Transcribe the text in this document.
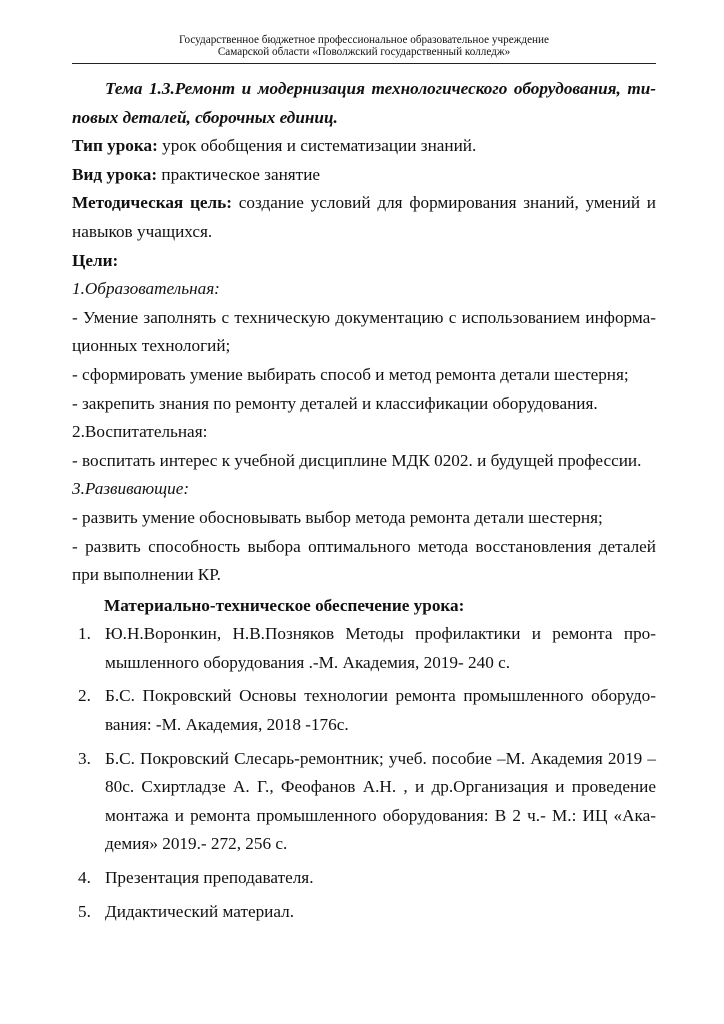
Государственное бюджетное профессиональное образовательное учреждение
Самарской области «Поволжский государственный колледж»

Тема 1.3.Ремонт и модернизация технологического оборудования, ти-

повых деталей, сборочных единиц.

Тип урока: урок обобщения и систематизации знаний.

Вид урока: практическое занятие

Методическая цель: создание условий для формирования знаний, умений и

навыков учащихся.

Цели:

1.Образовательная:

- Умение заполнять с техническую документацию с использованием информа-

ционных технологий;

- сформировать умение выбирать способ и метод ремонта детали шестерня;

- закрепить знания по ремонту деталей и классификации оборудования.

2.Воспитательная:

- воспитать интерес к учебной дисциплине МДК 0202. и будущей профессии.

3.Развивающие:

- развить умение обосновывать выбор метода ремонта детали шестерня;

- развить способность выбора оптимального метода восстановления деталей

при выполнении КР.

Материально-техническое обеспечение урока:

1. Ю.Н.Воронкин, Н.В.Позняков Методы профилактики и ремонта про-
мышленного оборудования .-М. Академия, 2019- 240 с.
2. Б.С. Покровский Основы технологии ремонта промышленного оборудо-
вания: -М. Академия, 2018 -176с.
3. Б.С. Покровский Слесарь-ремонтник; учеб. пособие –М. Академия 2019 –
80с. Схиртладзе А. Г., Феофанов А.Н. , и др.Организация и проведение
монтажа и ремонта промышленного оборудования: В 2 ч.- М.: ИЦ «Ака-
демия» 2019.- 272, 256 с.
4. Презентация преподавателя.
5. Дидактический материал.
